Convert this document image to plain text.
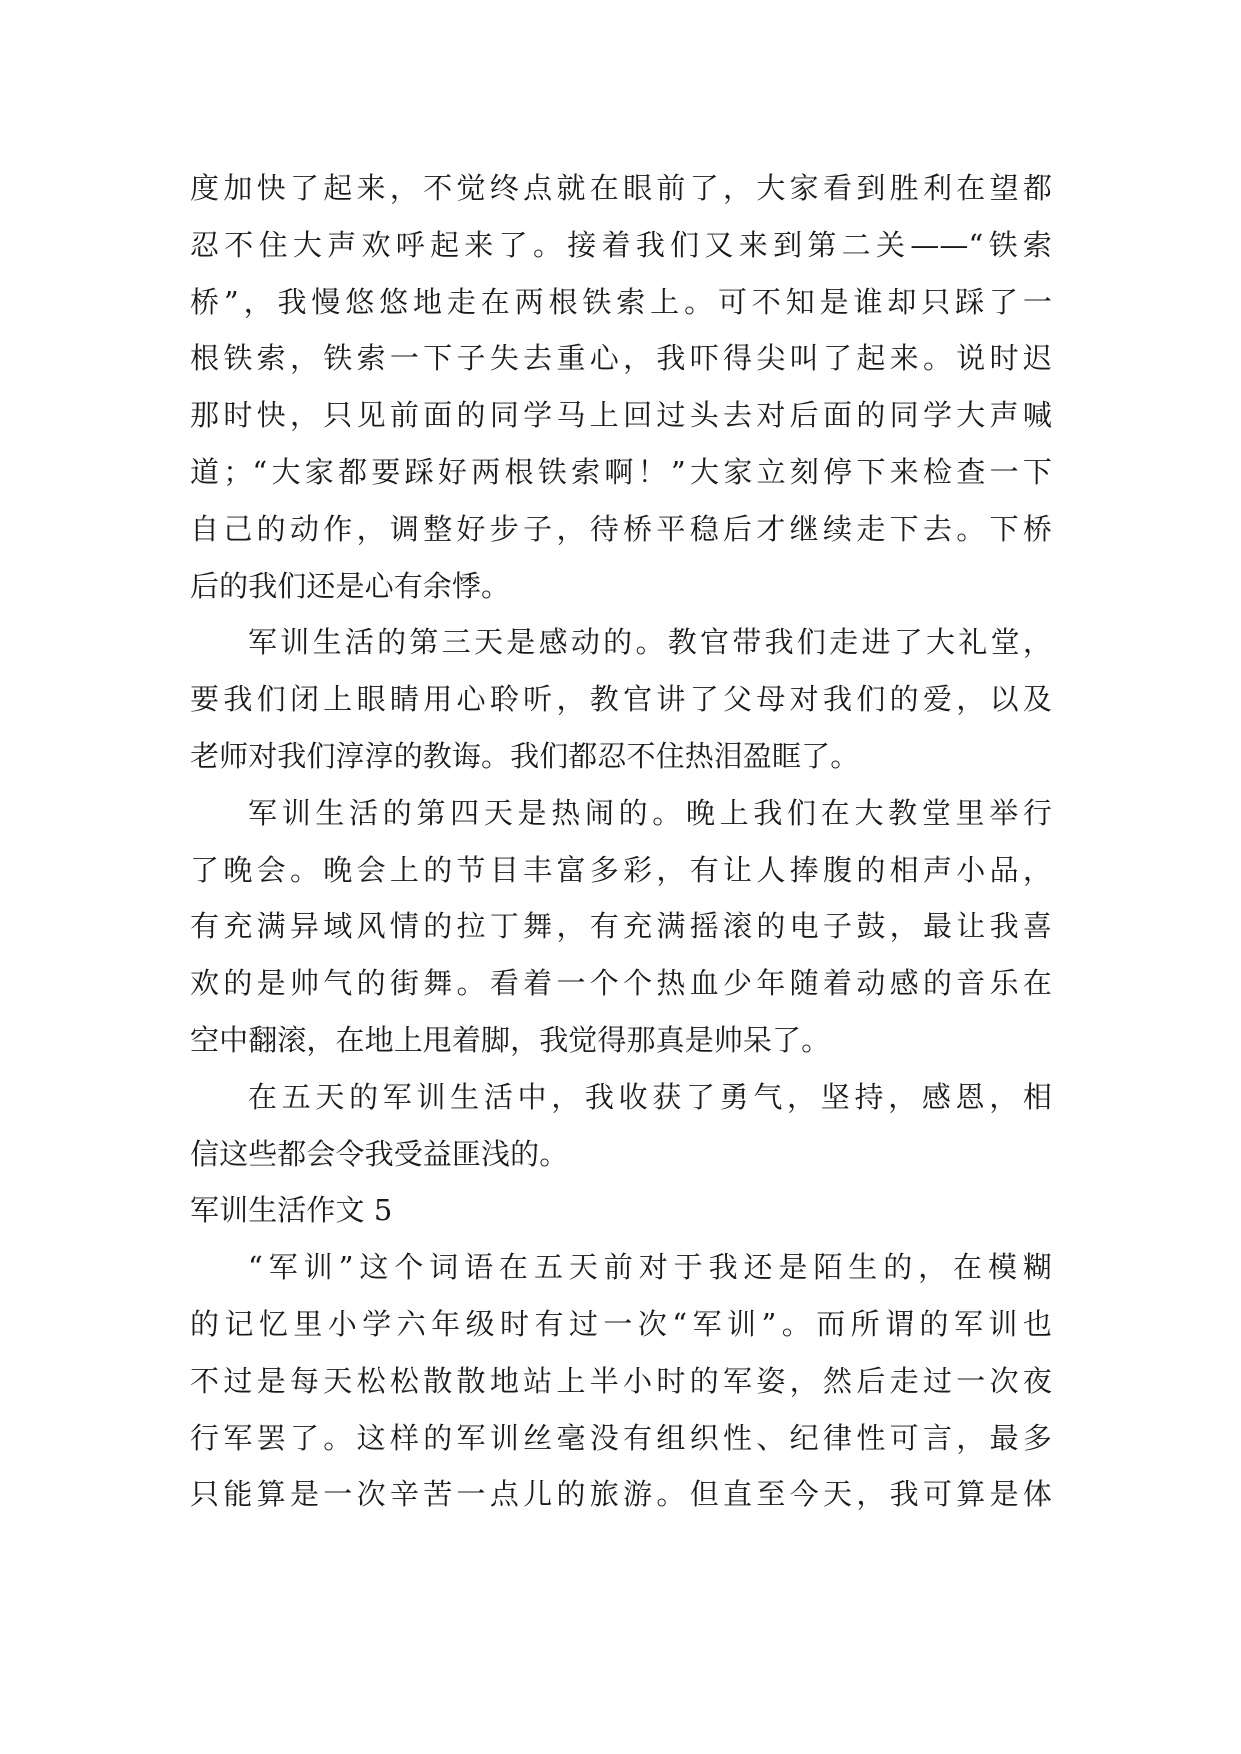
度加快了起来，不觉终点就在眼前了，大家看到胜利在望都
忍不住大声欢呼起来了。接着我们又来到第二关——“铁索
桥”，我慢悠悠地走在两根铁索上。可不知是谁却只踩了一
根铁索，铁索一下子失去重心，我吓得尖叫了起来。说时迟
那时快，只见前面的同学马上回过头去对后面的同学大声喊
道；“大家都要踩好两根铁索啊！”大家立刻停下来检查一下
自己的动作，调整好步子，待桥平稳后才继续走下去。下桥
后的我们还是心有余悸。
军训生活的第三天是感动的。教官带我们走进了大礼堂，
要我们闭上眼睛用心聆听，教官讲了父母对我们的爱，以及
老师对我们淳淳的教诲。我们都忍不住热泪盈眶了。
军训生活的第四天是热闹的。晚上我们在大教堂里举行
了晚会。晚会上的节目丰富多彩，有让人捧腹的相声小品，
有充满异域风情的拉丁舞，有充满摇滚的电子鼓，最让我喜
欢的是帅气的街舞。看着一个个热血少年随着动感的音乐在
空中翻滚，在地上甩着脚，我觉得那真是帅呆了。
在五天的军训生活中，我收获了勇气，坚持，感恩，相
信这些都会令我受益匪浅的。
军训生活作文 5
“军训”这个词语在五天前对于我还是陌生的，在模糊
的记忆里小学六年级时有过一次“军训”。而所谓的军训也
不过是每天松松散散地站上半小时的军姿，然后走过一次夜
行军罢了。这样的军训丝毫没有组织性、纪律性可言，最多
只能算是一次辛苦一点儿的旅游。但直至今天，我可算是体
